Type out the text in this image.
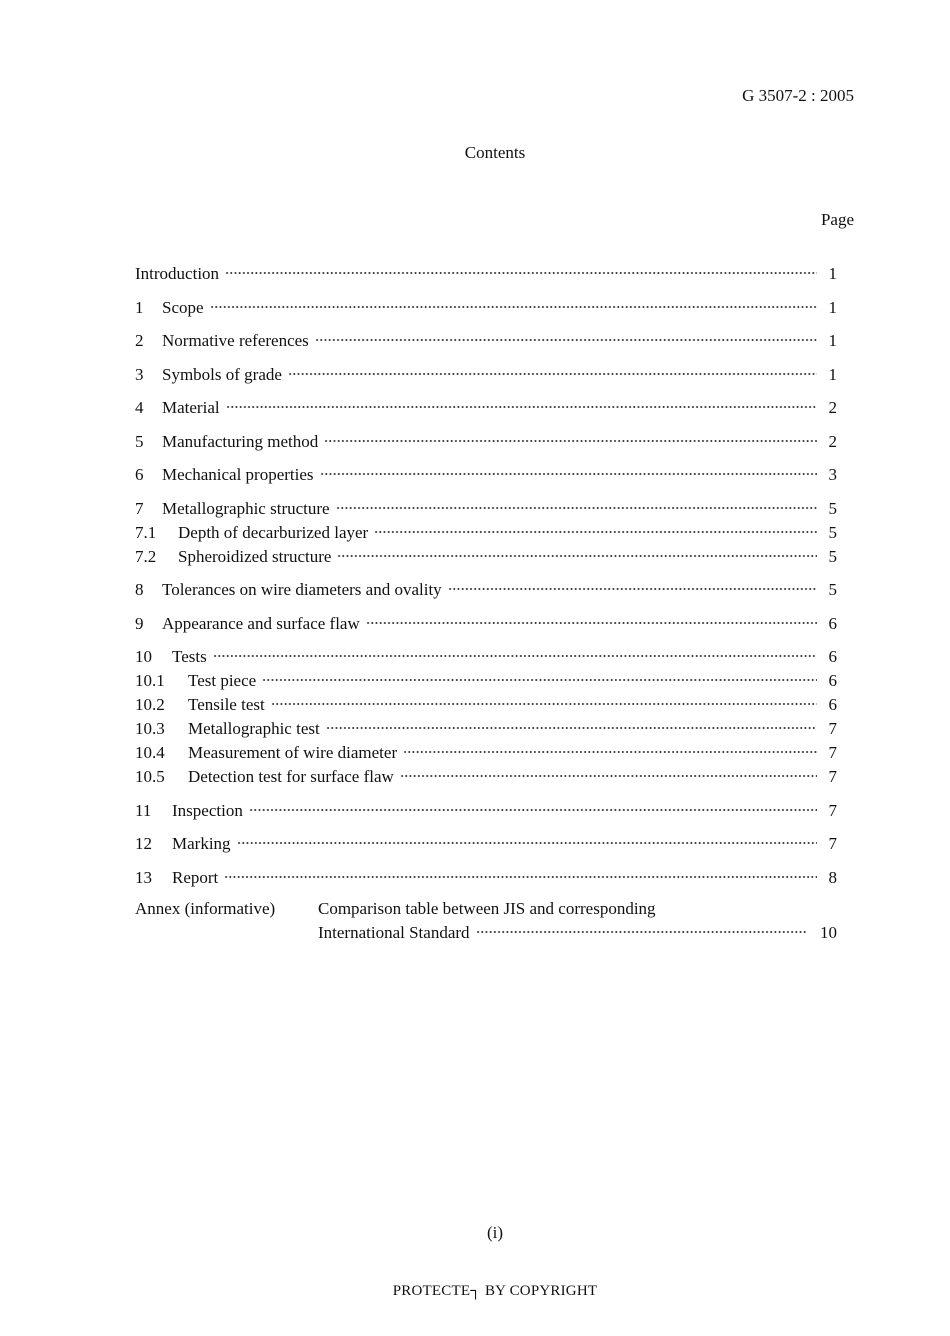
G 3507-2 : 2005
Contents
Page
Introduction	1
1	Scope	1
2	Normative references	1
3	Symbols of grade	1
4	Material	2
5	Manufacturing method	2
6	Mechanical properties	3
7	Metallographic structure	5
7.1	Depth of decarburized layer	5
7.2	Spheroidized structure	5
8	Tolerances on wire diameters and ovality	5
9	Appearance and surface flaw	6
10	Tests	6
10.1	Test piece	6
10.2	Tensile test	6
10.3	Metallographic test	7
10.4	Measurement of wire diameter	7
10.5	Detection test for surface flaw	7
11	Inspection	7
12	Marking	7
13	Report	8
Annex (informative)	Comparison table between JIS and corresponding
International Standard	10
(i)
PROTECTE┐ BY COPYRIGHT
